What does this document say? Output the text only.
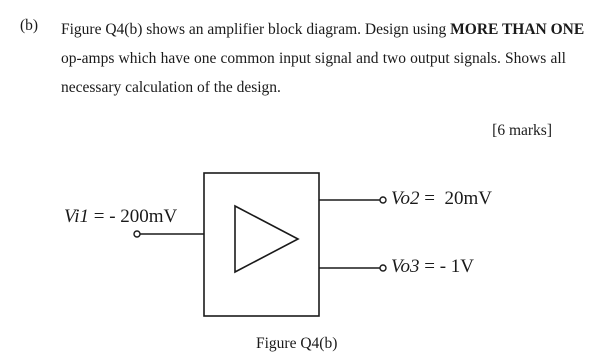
(b) Figure Q4(b) shows an amplifier block diagram. Design using MORE THAN ONE
op-amps which have one common input signal and two output signals. Shows all
necessary calculation of the design.
[6 marks]
Vi1 = - 200mV
Vo2 =  20mV
Vo3 = - 1V
Figure Q4(b)
